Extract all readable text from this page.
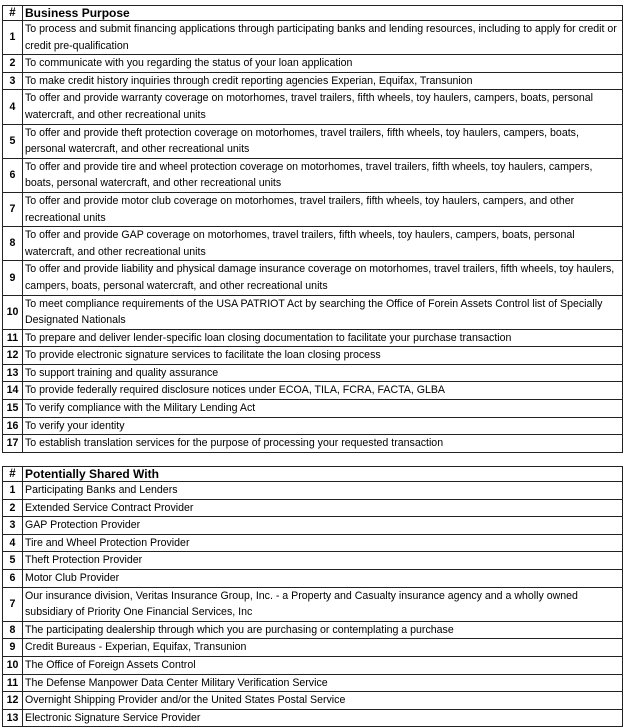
#	Business Purpose
1	To process and submit financing applications through participating banks and lending resources, including to apply for credit or credit pre-qualification
2	To communicate with you regarding the status of your loan application
3	To make credit history inquiries through credit reporting agencies Experian, Equifax, Transunion
4	To offer and provide warranty coverage on motorhomes, travel trailers, fifth wheels, toy haulers, campers, boats, personal watercraft, and other recreational units
5	To offer and provide theft protection coverage on motorhomes, travel trailers, fifth wheels, toy haulers, campers, boats, personal watercraft, and other recreational units
6	To offer and provide tire and wheel protection coverage on motorhomes, travel trailers, fifth wheels, toy haulers, campers, boats, personal watercraft, and other recreational units
7	To offer and provide motor club coverage on motorhomes, travel trailers, fifth wheels, toy haulers, campers, and other recreational units
8	To offer and provide GAP coverage on motorhomes, travel trailers, fifth wheels, toy haulers, campers, boats, personal watercraft, and other recreational units
9	To offer and provide liability and physical damage insurance coverage on motorhomes, travel trailers, fifth wheels, toy haulers, campers, boats, personal watercraft, and other recreational units
10	To meet compliance requirements of the USA PATRIOT Act by searching the Office of Forein Assets Control list of Specially Designated Nationals
11	To prepare and deliver lender-specific loan closing documentation to facilitate your purchase transaction
12	To provide electronic signature services to facilitate the loan closing process
13	To support training and quality assurance
14	To provide federally required disclosure notices under ECOA, TILA, FCRA, FACTA, GLBA
15	To verify compliance with the Military Lending Act
16	To verify your identity
17	To establish translation services for the purpose of processing your requested transaction
#	Potentially Shared With
1	Participating Banks and Lenders
2	Extended Service Contract Provider
3	GAP Protection Provider
4	Tire and Wheel Protection Provider
5	Theft Protection Provider
6	Motor Club Provider
7	Our insurance division, Veritas Insurance Group, Inc. - a Property and Casualty insurance agency and a wholly owned subsidiary of Priority One Financial Services, Inc
8	The participating dealership through which you are purchasing or contemplating a purchase
9	Credit Bureaus - Experian, Equifax, Transunion
10	The Office of Foreign Assets Control
11	The Defense Manpower Data Center Military Verification Service
12	Overnight Shipping Provider and/or the United States Postal Service
13	Electronic Signature Service Provider
